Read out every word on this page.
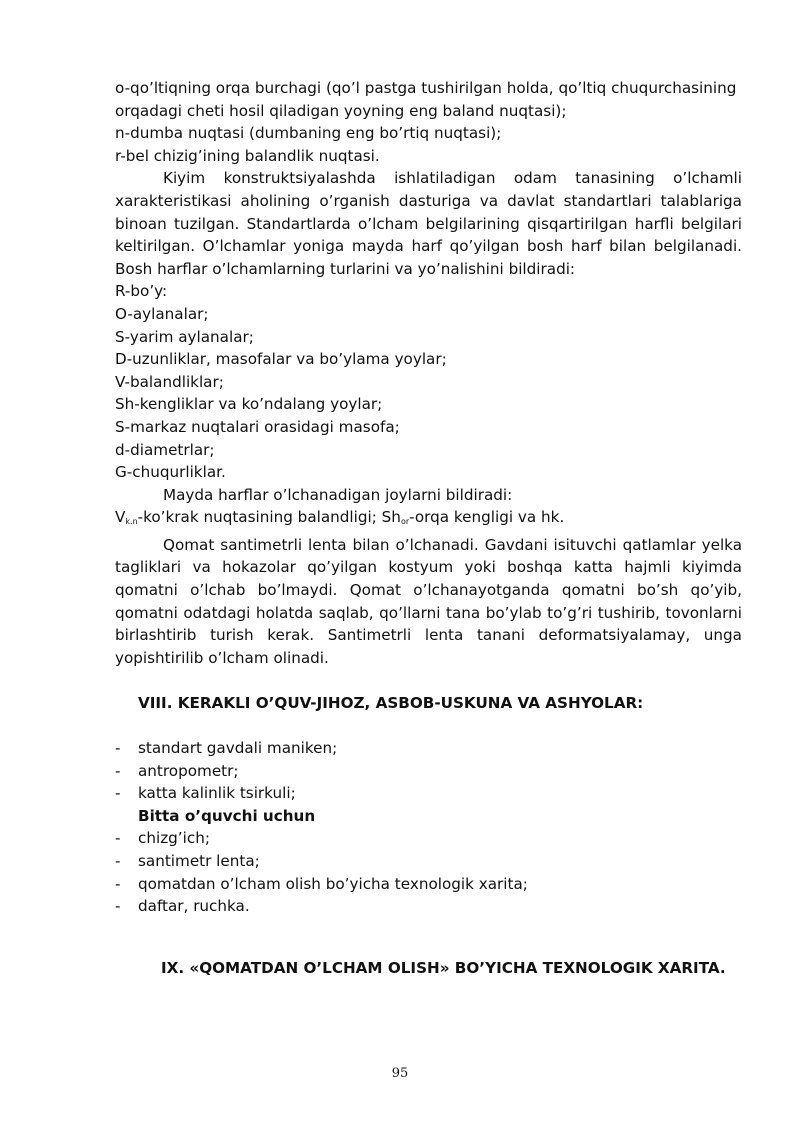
o-qo’ltiqning orqa burchagi (qo’l pastga tushirilgan holda, qo’ltiq chuqurchasining

orqadagi cheti hosil qiladigan yoyning eng baland nuqtasi);

n-dumba nuqtasi (dumbaning eng bo’rtiq nuqtasi);

r-bel chizig’ining balandlik nuqtasi.

Kiyim konstruktsiyalashda ishlatiladigan odam tanasining o’lchamli xarakteristikasi aholining o’rganish dasturiga va davlat standartlari talablariga binoan tuzilgan. Standartlarda o’lcham belgilarining qisqartirilgan harfli belgilari keltirilgan. O’lchamlar yoniga mayda harf qo’yilgan bosh harf bilan belgilanadi. Bosh harflar o’lchamlarning turlarini va yo’nalishini bildiradi:

R-bo’y:

O-aylanalar;

S-yarim aylanalar;

D-uzunliklar, masofalar va bo’ylama yoylar;

V-balandliklar;

Sh-kengliklar va ko’ndalang yoylar;

S-markaz nuqtalari orasidagi masofa;

d-diametrlar;

G-chuqurliklar.

Mayda harflar o’lchanadigan joylarni bildiradi:

$V_{k.n}-ko’krak$ nuqtasining balandligi; $Sh_{or}$-orqa kengligi va hk.

Qomat santimetrli lenta bilan o’lchanadi. Gavdani isituvchi qatlamlar yelka tagliklari va hokazolar qo’yilgan kostyum yoki boshqa katta hajmli kiyimda qomatni o’lchab bo’lmaydi. Qomat o’lchanayotganda qomatni bo’sh qo’yib, qomatni odatdagi holatda saqlab, qo’llarni tana bo’ylab to’g’ri tushirib, tovonlarni birlashtirib turish kerak. Santimetrli lenta tanani deformatsiyalamay, unga yopishtirilib o’lcham olinadi.

VIII. KERAKLI O’QUV-JIHOZ, ASBOB-USKUNA VA ASHYOLAR:

- standart gavdali maniken;

- antropometr;

- katta kalinlik tsirkuli;

Bitta o’quvchi uchun

- chizg’ich;

- santimetr lenta;

- qomatdan o’lcham olish bo’yicha texnologik xarita;

- daftar, ruchka.

IX. «QOMATDAN O’LCHAM OLISH» BO’YICHA TEXNOLOGIK XARITA.

95
